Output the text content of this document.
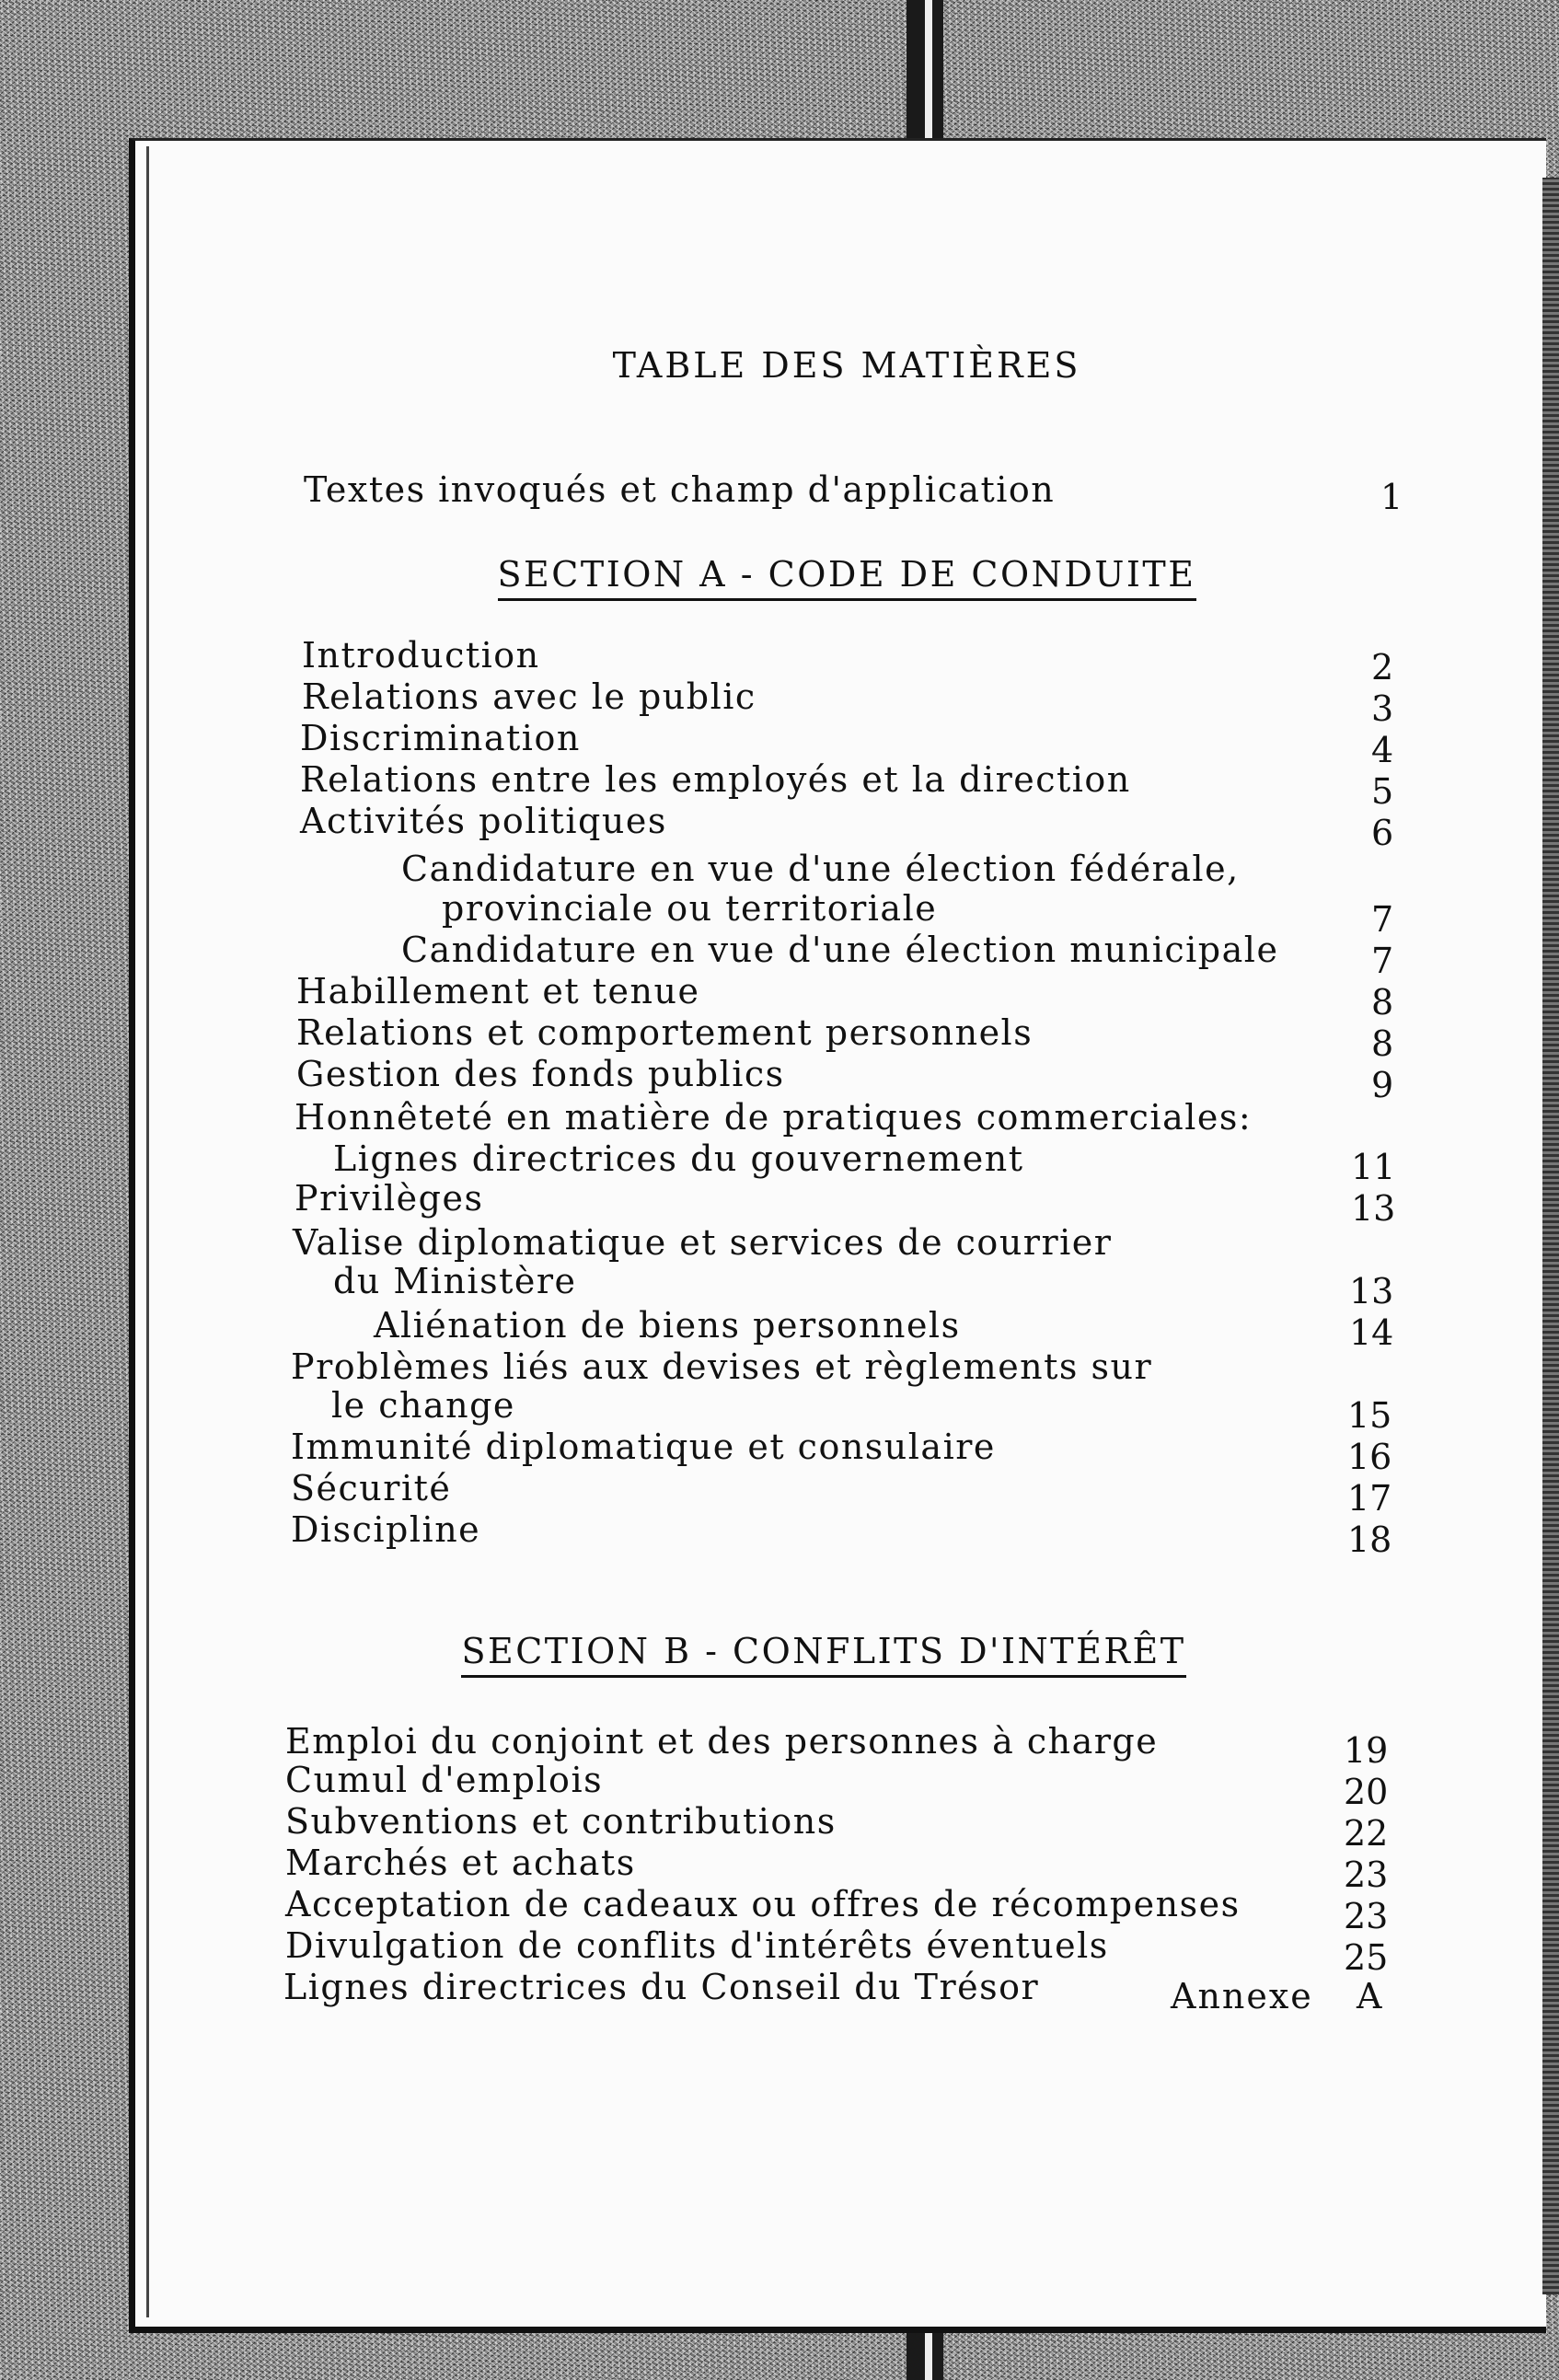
TABLE DES MATIÈRES
Textes invoqués et champ d'application	1
SECTION A - CODE DE CONDUITE
Introduction	2
Relations avec le public	3
Discrimination	4
Relations entre les employés et la direction	5
Activités politiques	6
Candidature en vue d'une élection fédérale,
provinciale ou territoriale	7
Candidature en vue d'une élection municipale	7
Habillement et tenue	8
Relations et comportement personnels	8
Gestion des fonds publics	9
Honnêteté en matière de pratiques commerciales:
Lignes directrices du gouvernement	11
Privilèges	13
Valise diplomatique et services de courrier
du Ministère	13
Aliénation de biens personnels	14
Problèmes liés aux devises et règlements sur
le change	15
Immunité diplomatique et consulaire	16
Sécurité	17
Discipline	18
SECTION B - CONFLITS D'INTÉRÊT
Emploi du conjoint et des personnes à charge	19
Cumul d'emplois	20
Subventions et contributions	22
Marchés et achats	23
Acceptation de cadeaux ou offres de récompenses	23
Divulgation de conflits d'intérêts éventuels	25
Lignes directrices du Conseil du Trésor	Annexe A
